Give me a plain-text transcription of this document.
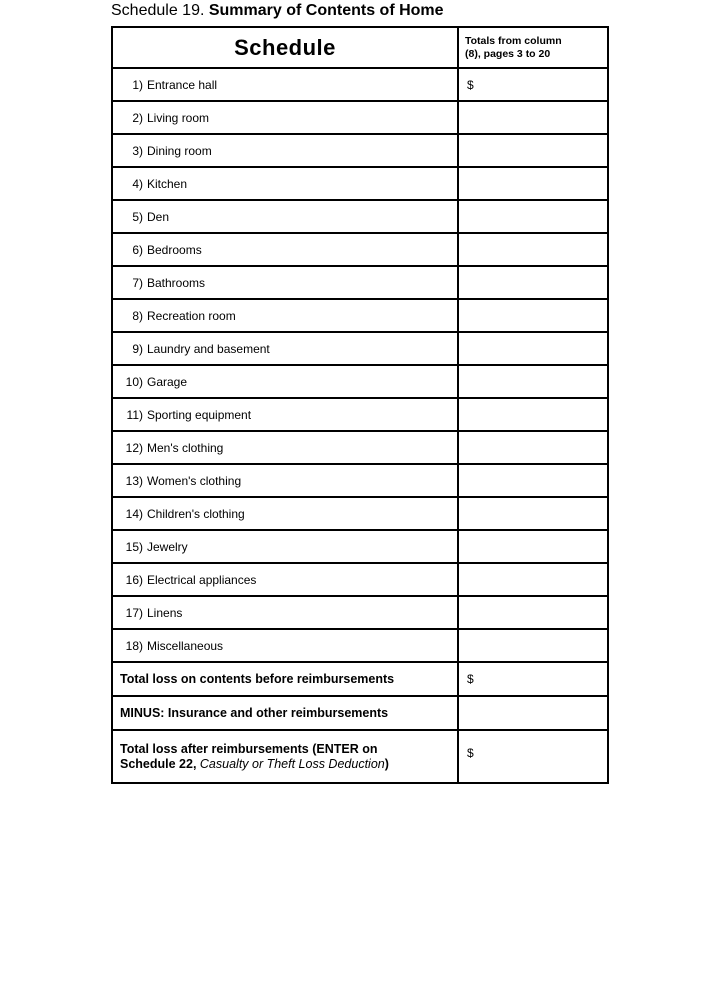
Schedule 19. Summary of Contents of Home
Schedule	Totals from column
(8), pages 3 to 20
1) Entrance hall	$
2) Living room	
3) Dining room	
4) Kitchen	
5) Den	
6) Bedrooms	
7) Bathrooms	
8) Recreation room	
9) Laundry and basement	
10) Garage	
11) Sporting equipment	
12) Men's clothing	
13) Women's clothing	
14) Children's clothing	
15) Jewelry	
16) Electrical appliances	
17) Linens	
18) Miscellaneous	
Total loss on contents before reimbursements	$
MINUS: Insurance and other reimbursements	
Total loss after reimbursements (ENTER on
Schedule 22, Casualty or Theft Loss Deduction)	$
